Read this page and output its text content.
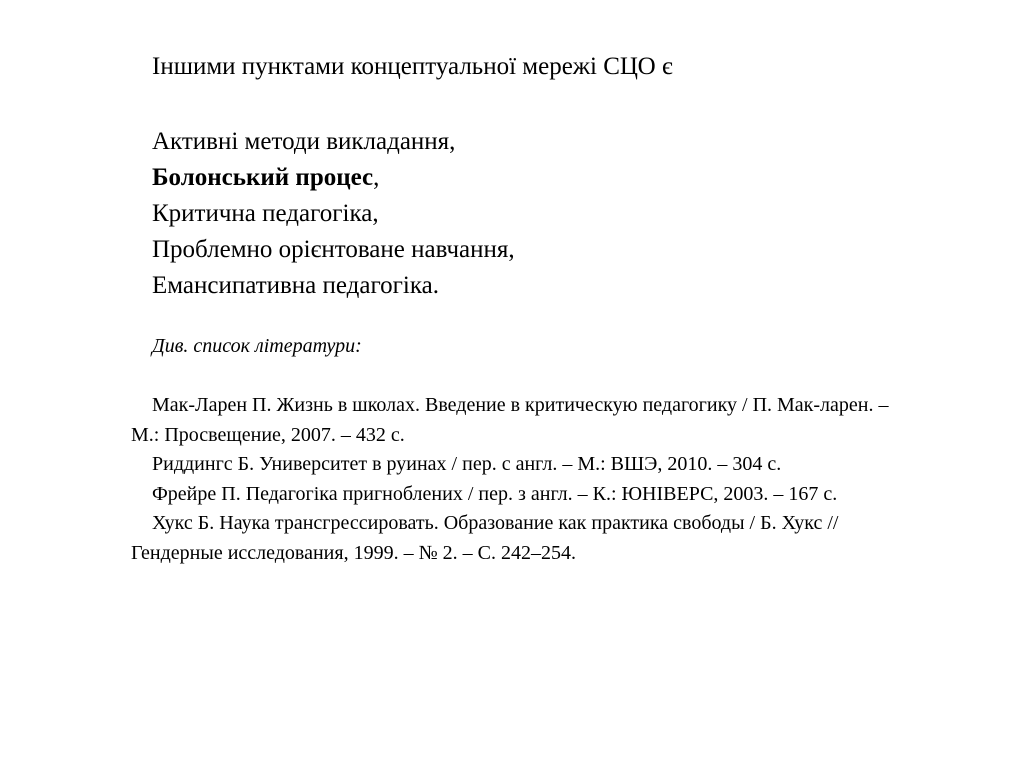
Іншими пунктами концептуальної мережі СЦО є
Активні методи викладання,
Болонський процес,
Критична педагогіка,
Проблемно орієнтоване навчання,
Емансипативна педагогіка.
Див. список літератури:
Мак-Ларен П. Жизнь в школах. Введение в критическую педагогику / П. Мак-ларен. – М.: Просвещение, 2007. – 432 с.
Риддингс Б. Университет в руинах / пер. с англ. – М.: ВШЭ, 2010. – 304 с.
Фрейре П. Педагогіка пригноблених / пер. з англ. – К.: ЮНІВЕРС, 2003. – 167 с.
Хукс Б. Наука трансгрессировать. Образование как практика свободы / Б. Хукс // Гендерные исследования, 1999. – № 2. – С. 242–254.
